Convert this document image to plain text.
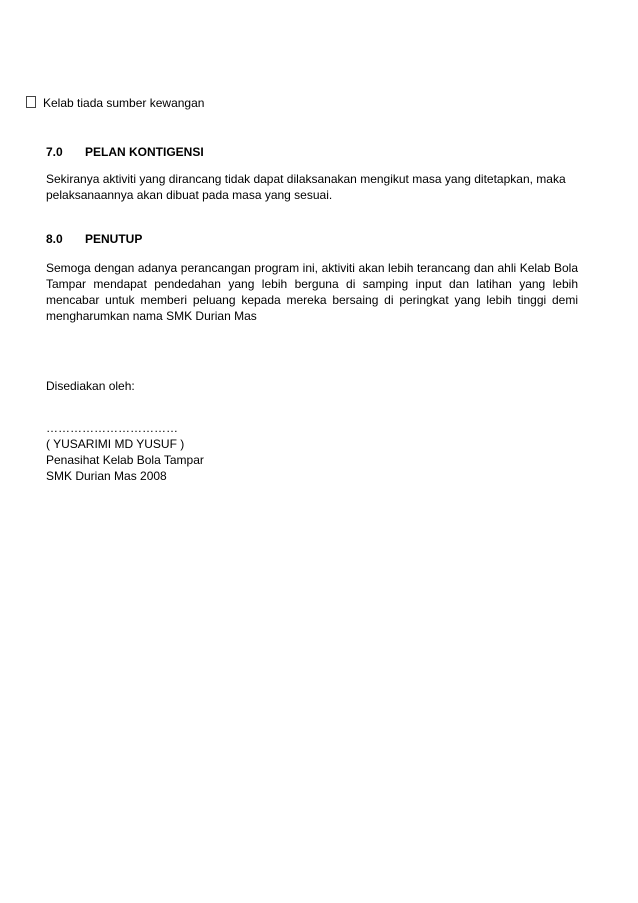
Kelab tiada sumber kewangan
7.0 PELAN KONTIGENSI
Sekiranya aktiviti yang dirancang tidak dapat dilaksanakan mengikut masa yang ditetapkan, maka pelaksanaannya akan dibuat pada masa yang sesuai.
8.0 PENUTUP
Semoga dengan adanya perancangan program ini, aktiviti akan lebih terancang dan ahli Kelab Bola Tampar mendapat pendedahan yang lebih berguna di samping input dan latihan yang lebih mencabar untuk memberi peluang kepada mereka bersaing di peringkat yang lebih tinggi demi mengharumkan nama SMK Durian Mas
Disediakan oleh:
……………………………
( YUSARIMI MD YUSUF )
Penasihat Kelab Bola Tampar
SMK Durian Mas 2008
